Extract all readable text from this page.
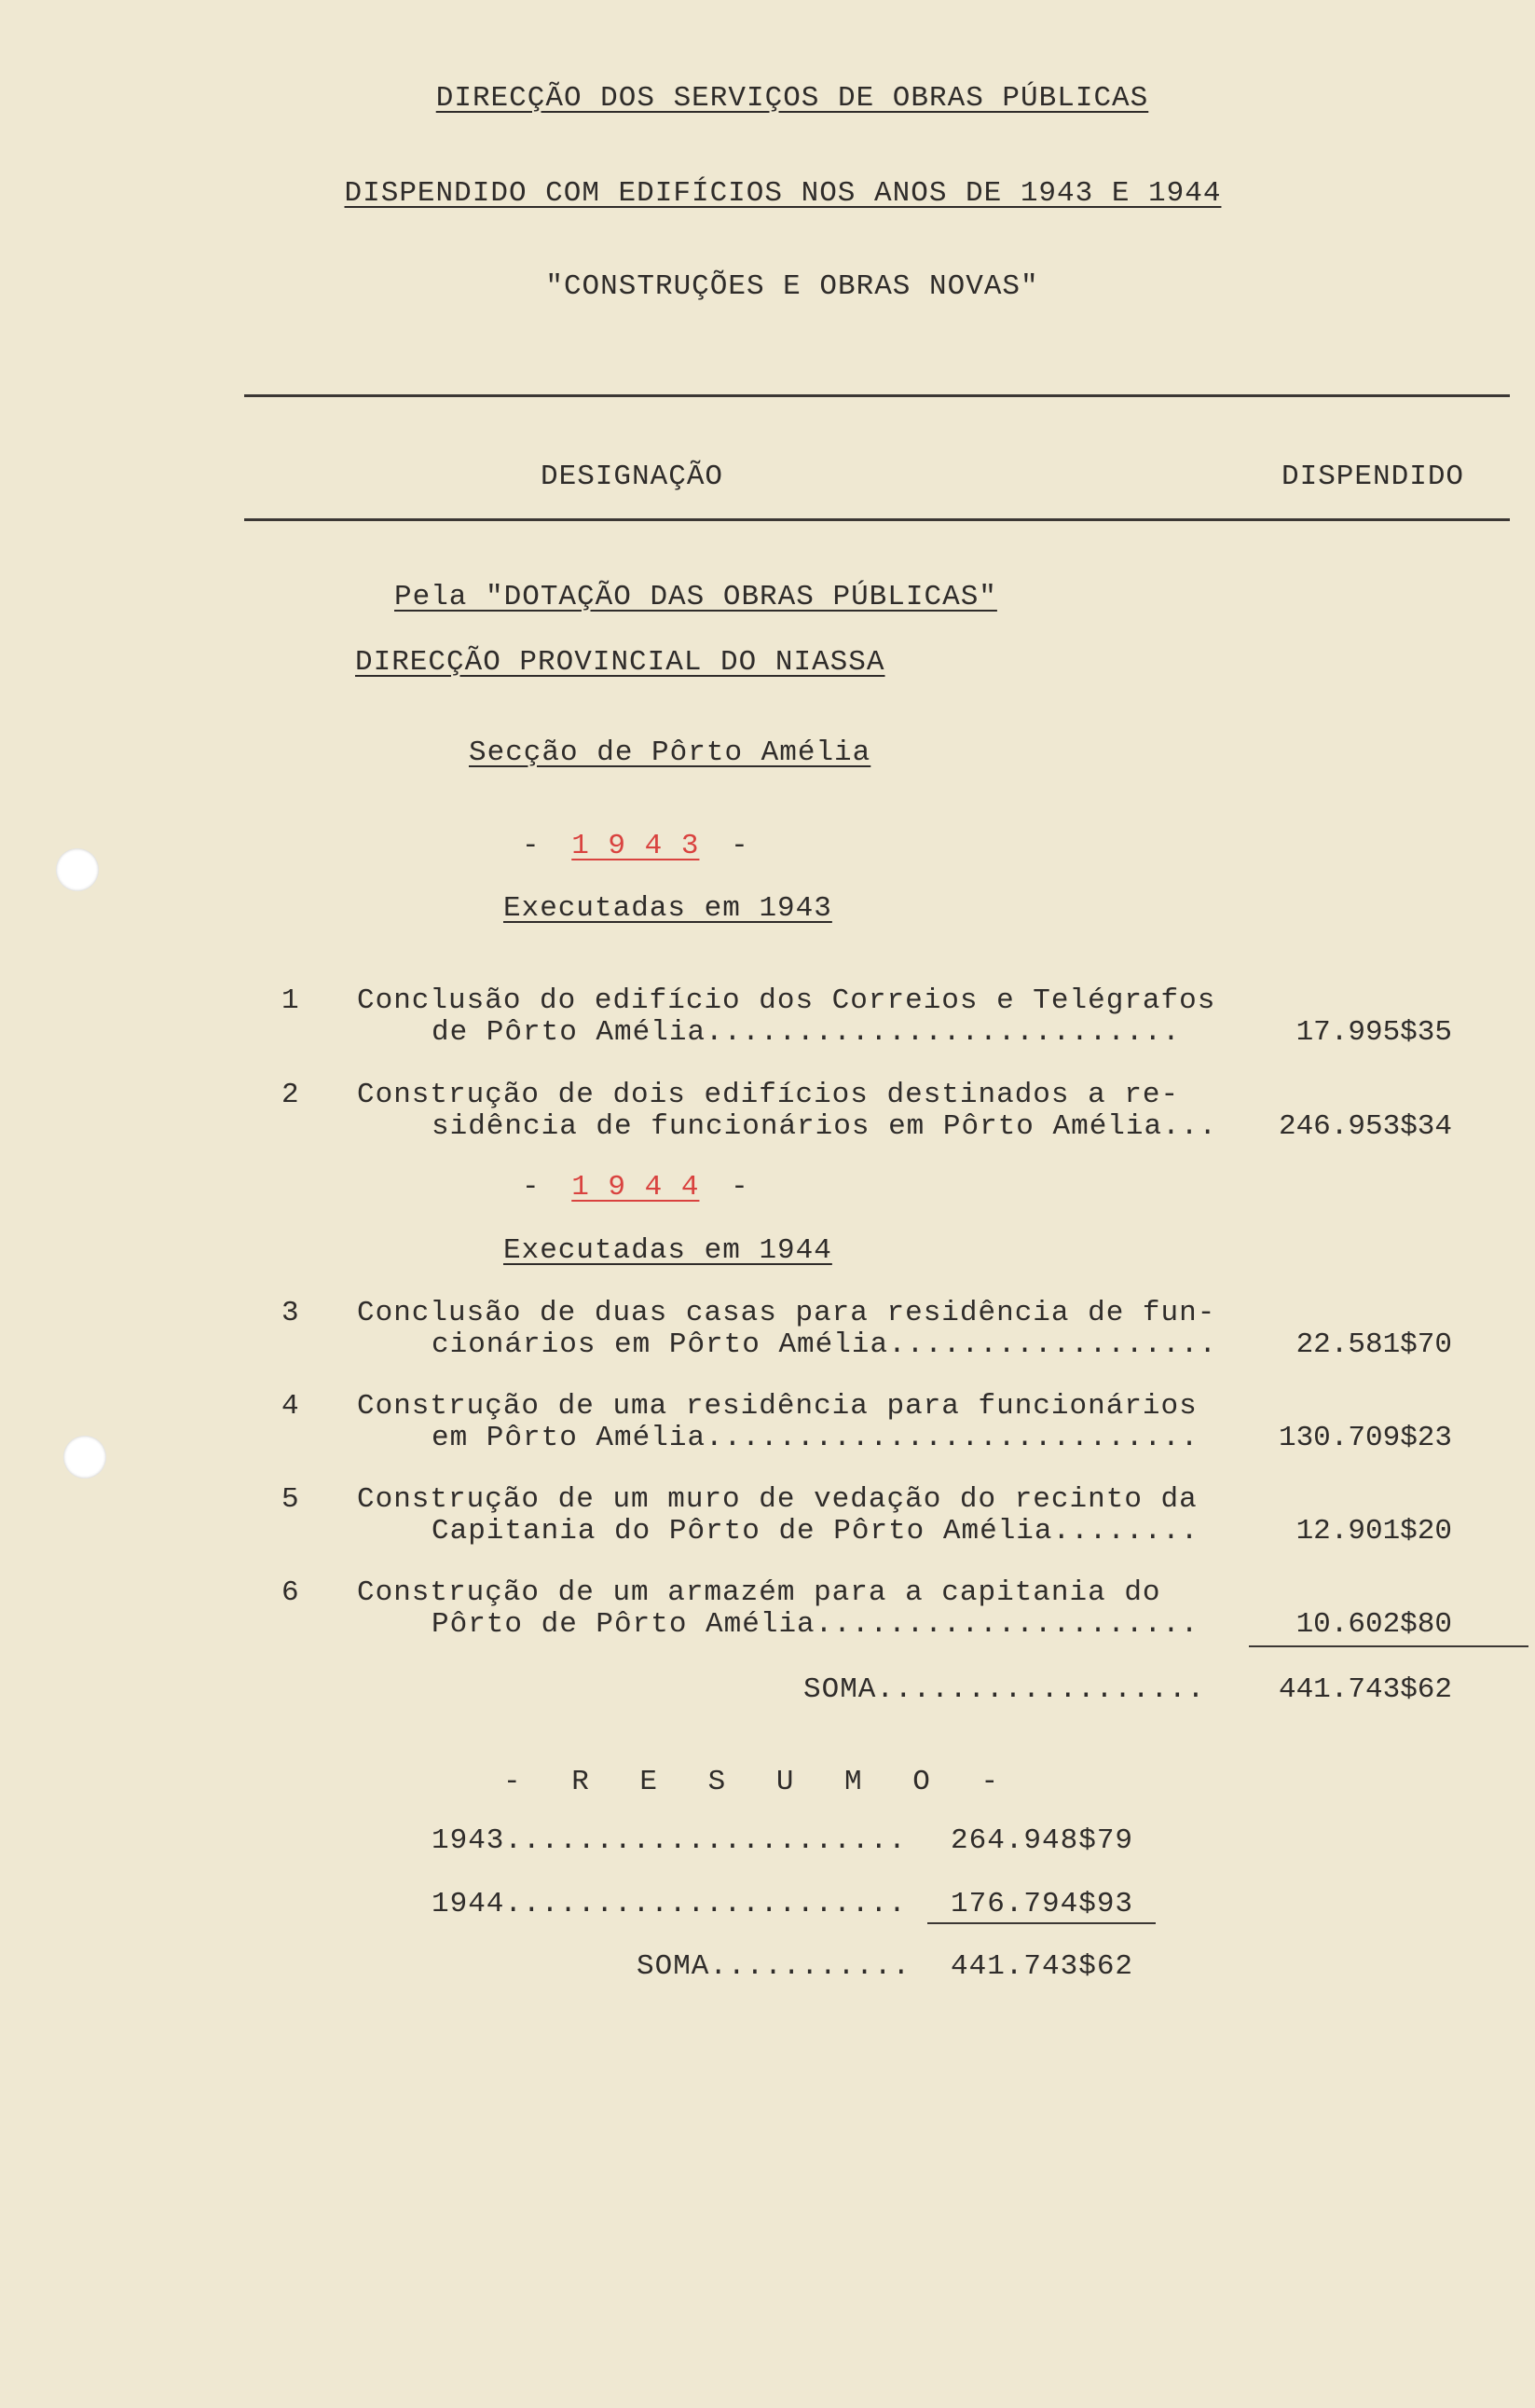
DIRECÇÃO DOS SERVIÇOS DE OBRAS PÚBLICAS
DISPENDIDO COM EDIFÍCIOS NOS ANOS DE 1943 E 1944
"CONSTRUÇÕES E OBRAS NOVAS"
DESIGNAÇÃO	DISPENDIDO
Pela "DOTAÇÃO DAS OBRAS PÚBLICAS"
DIRECÇÃO PROVINCIAL DO NIASSA
Secção de Pôrto Amélia
- 1 9 4 3 -
Executadas em 1943
1 Conclusão do edifício dos Correios e Telégrafos
de Pôrto Amélia..........................	17.995$35
2 Construção de dois edifícios destinados a re-
sidência de funcionários em Pôrto Amélia...	246.953$34
- 1 9 4 4 -
Executadas em 1944
3 Conclusão de duas casas para residência de fun-
cionários em Pôrto Amélia..................	22.581$70
4 Construção de uma residência para funcionários
em Pôrto Amélia...........................	130.709$23
5 Construção de um muro de vedação do recinto da
Capitania do Pôrto de Pôrto Amélia........	12.901$20
6 Construção de um armazém para a capitania do
Pôrto de Pôrto Amélia.....................	10.602$80
SOMA..................	441.743$62
- R E S U M O -
1943...................... 264.948$79
1944...................... 176.794$93
SOMA........... 441.743$62
